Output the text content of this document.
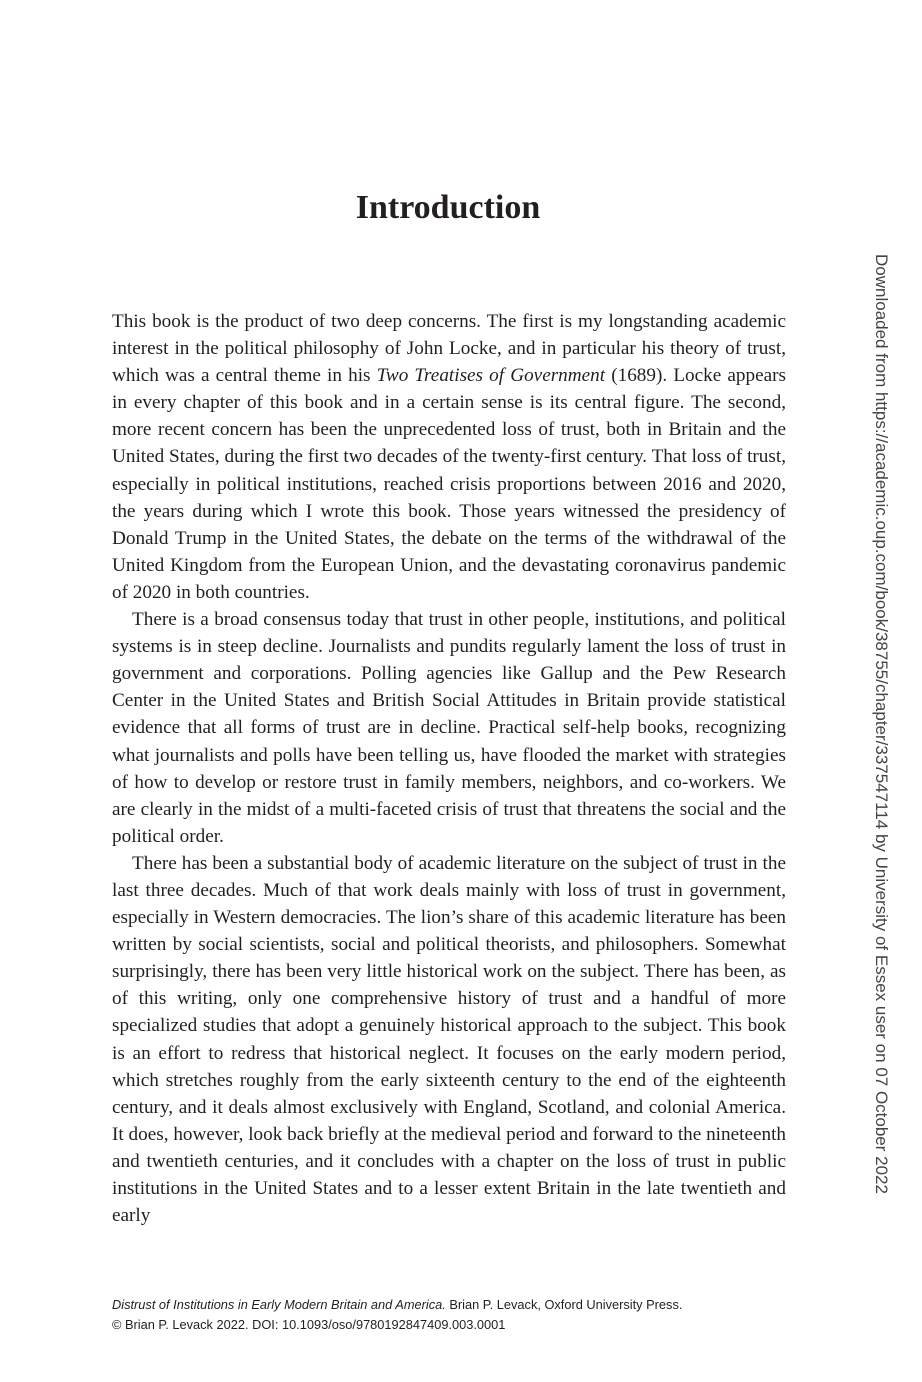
Introduction

This book is the product of two deep concerns. The first is my longstanding academic interest in the political philosophy of John Locke, and in particular his theory of trust, which was a central theme in his Two Treatises of Government (1689). Locke appears in every chapter of this book and in a certain sense is its central figure. The second, more recent concern has been the unprecedented loss of trust, both in Britain and the United States, during the first two decades of the twenty-first century. That loss of trust, especially in political institutions, reached crisis proportions between 2016 and 2020, the years during which I wrote this book. Those years witnessed the presidency of Donald Trump in the United States, the debate on the terms of the withdrawal of the United Kingdom from the European Union, and the devastating coronavirus pandemic of 2020 in both countries.

There is a broad consensus today that trust in other people, institutions, and political systems is in steep decline. Journalists and pundits regularly lament the loss of trust in government and corporations. Polling agencies like Gallup and the Pew Research Center in the United States and British Social Attitudes in Britain provide statistical evidence that all forms of trust are in decline. Practical self-help books, recognizing what journalists and polls have been telling us, have flooded the market with strategies of how to develop or restore trust in family members, neighbors, and co-workers. We are clearly in the midst of a multi-faceted crisis of trust that threatens the social and the political order.

There has been a substantial body of academic literature on the subject of trust in the last three decades. Much of that work deals mainly with loss of trust in government, especially in Western democracies. The lion’s share of this academic literature has been written by social scientists, social and political theorists, and philosophers. Somewhat surprisingly, there has been very little historical work on the subject. There has been, as of this writing, only one comprehensive history of trust and a handful of more specialized studies that adopt a genuinely historical approach to the subject. This book is an effort to redress that historical neglect. It focuses on the early modern period, which stretches roughly from the early sixteenth century to the end of the eighteenth century, and it deals almost exclusively with England, Scotland, and colonial America. It does, however, look back briefly at the medieval period and forward to the nineteenth and twentieth centuries, and it concludes with a chapter on the loss of trust in public institutions in the United States and to a lesser extent Britain in the late twentieth and early

Distrust of Institutions in Early Modern Britain and America. Brian P. Levack, Oxford University Press.
© Brian P. Levack 2022. DOI: 10.1093/oso/9780192847409.003.0001
Downloaded from https://academic.oup.com/book/38755/chapter/337547114 by University of Essex user on 07 October 2022
